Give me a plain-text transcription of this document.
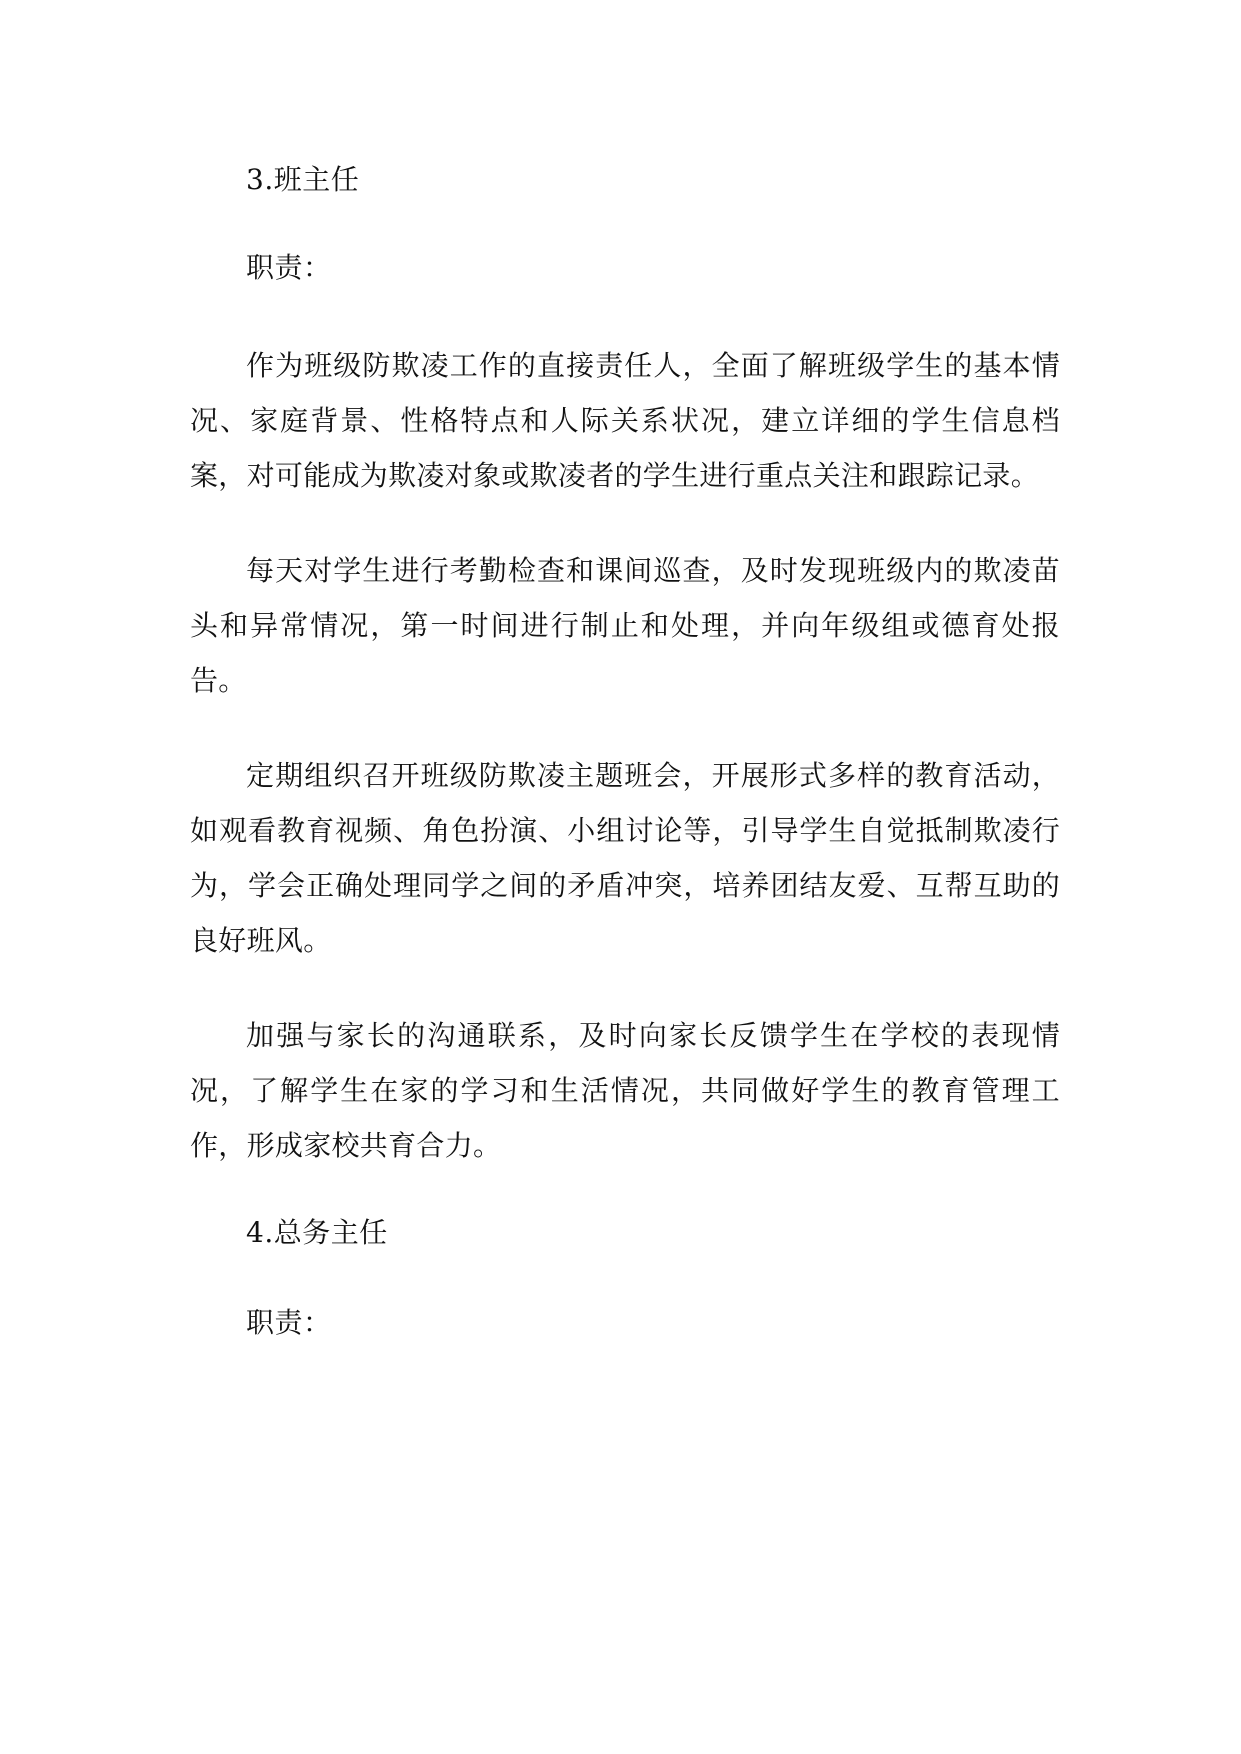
3.班主任

职责：

作为班级防欺凌工作的直接责任人，全面了解班级学生的基本情况、家庭背景、性格特点和人际关系状况，建立详细的学生信息档案，对可能成为欺凌对象或欺凌者的学生进行重点关注和跟踪记录。

每天对学生进行考勤检查和课间巡查，及时发现班级内的欺凌苗头和异常情况，第一时间进行制止和处理，并向年级组或德育处报告。

定期组织召开班级防欺凌主题班会，开展形式多样的教育活动，如观看教育视频、角色扮演、小组讨论等，引导学生自觉抵制欺凌行为，学会正确处理同学之间的矛盾冲突，培养团结友爱、互帮互助的良好班风。

加强与家长的沟通联系，及时向家长反馈学生在学校的表现情况，了解学生在家的学习和生活情况，共同做好学生的教育管理工作，形成家校共育合力。

4.总务主任

职责：
